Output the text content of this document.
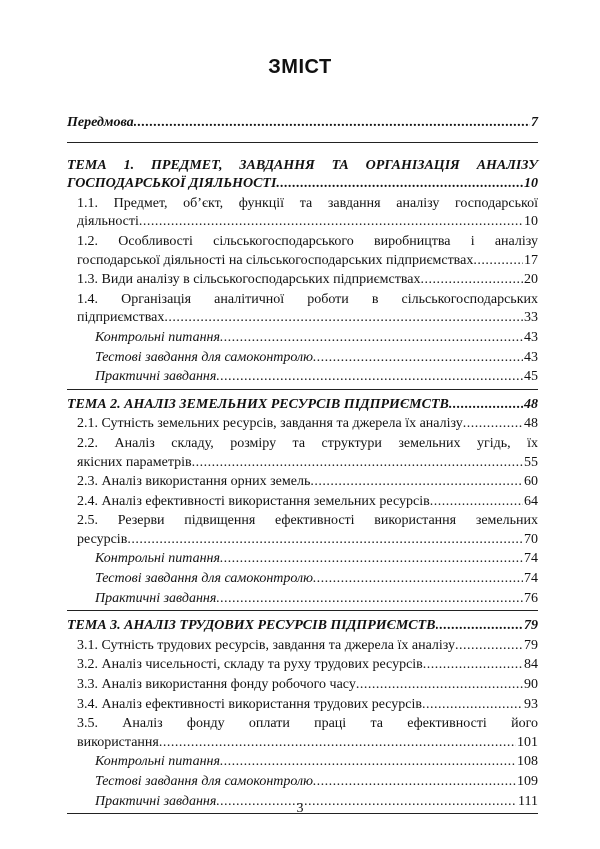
ЗМІСТ
Передмова .....	7
ТЕМА 1. ПРЕДМЕТ, ЗАВДАННЯ ТА ОРГАНІЗАЦІЯ АНАЛІЗУ
ГОСПОДАРСЬКОЇ ДІЯЛЬНОСТІ .....	10
1.1. Предмет, об’єкт, функції та завдання аналізу господарської
діяльності .....	10
1.2. Особливості сільськогосподарського виробництва і аналізу
господарської діяльності на сільськогосподарських підприємствах .....	17
1.3. Види аналізу в сільськогосподарських підприємствах .....	20
1.4. Організація аналітичної роботи в сільськогосподарських
підприємствах .....	33
Контрольні питання .....	43
Тестові завдання для самоконтролю .....	43
Практичні завдання .....	45
ТЕМА 2. АНАЛІЗ ЗЕМЕЛЬНИХ РЕСУРСІВ ПІДПРИЄМСТВ .....	48
2.1. Сутність земельних ресурсів, завдання та джерела їх аналізу .....	48
2.2. Аналіз складу, розміру та структури земельних угідь, їх
якісних параметрів .....	55
2.3. Аналіз використання орних земель .....	60
2.4. Аналіз ефективності використання земельних ресурсів .....	64
2.5. Резерви підвищення ефективності використання земельних
ресурсів .....	70
Контрольні питання .....	74
Тестові завдання для самоконтролю .....	74
Практичні завдання .....	76
ТЕМА 3. АНАЛІЗ ТРУДОВИХ РЕСУРСІВ ПІДПРИЄМСТВ .....	79
3.1. Сутність трудових ресурсів, завдання та джерела їх аналізу .....	79
3.2. Аналіз чисельності, складу та руху трудових ресурсів .....	84
3.3. Аналіз використання фонду робочого часу .....	90
3.4. Аналіз ефективності використання трудових ресурсів .....	93
3.5. Аналіз фонду оплати праці та ефективності його
використання .....	101
Контрольні питання .....	108
Тестові завдання для самоконтролю .....	109
Практичні завдання .....	111
3
